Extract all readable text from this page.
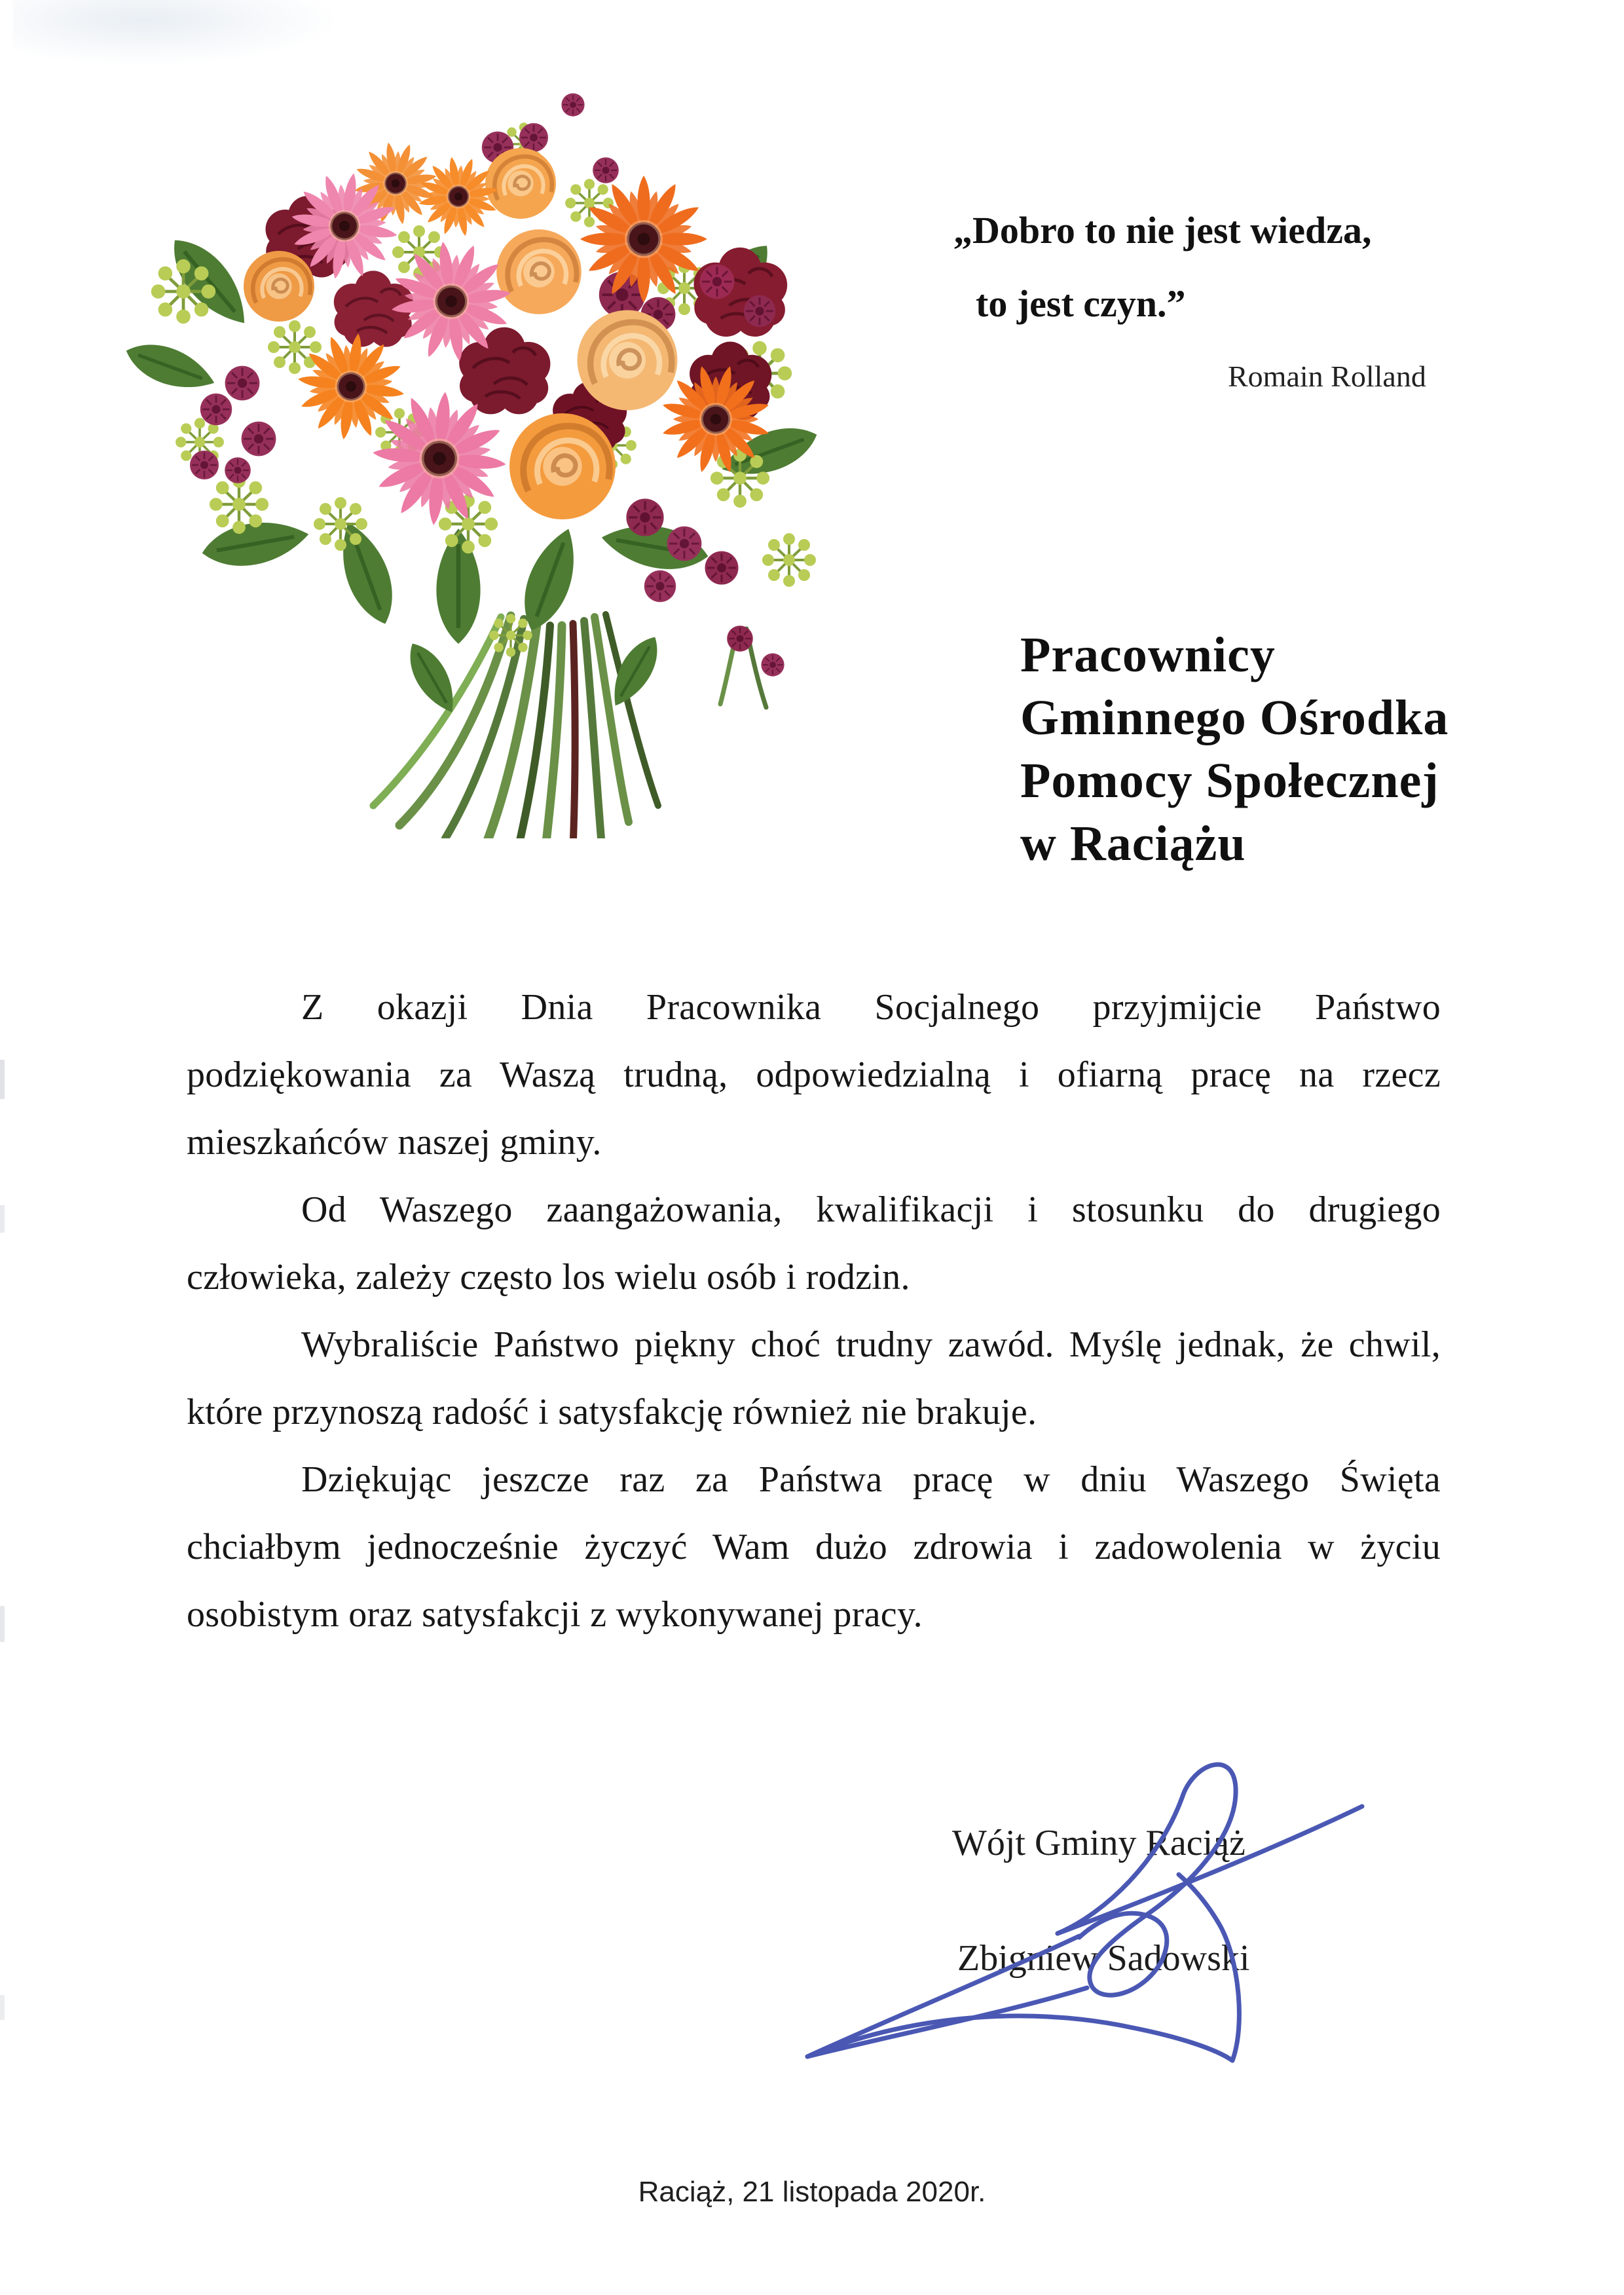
„Dobro to nie jest wiedza,
to jest czyn.”
Romain Rolland
Pracownicy
Gminnego Ośrodka
Pomocy Społecznej
w Raciążu
Z okazji Dnia Pracownika Socjalnego przyjmijcie Państwo
podziękowania za Waszą trudną, odpowiedzialną i ofiarną pracę na rzecz
mieszkańców naszej gminy.
Od Waszego zaangażowania, kwalifikacji i stosunku do drugiego
człowieka, zależy często los wielu osób i rodzin.
Wybraliście Państwo piękny choć trudny zawód. Myślę jednak, że chwil,
które przynoszą radość i satysfakcję również nie brakuje.
Dziękując jeszcze raz za Państwa pracę w dniu Waszego Święta
chciałbym jednocześnie życzyć Wam dużo zdrowia i zadowolenia w życiu
osobistym oraz satysfakcji z wykonywanej pracy.
Wójt Gminy Raciąż
Zbigniew Sadowski
Raciąż, 21 listopada 2020r.
